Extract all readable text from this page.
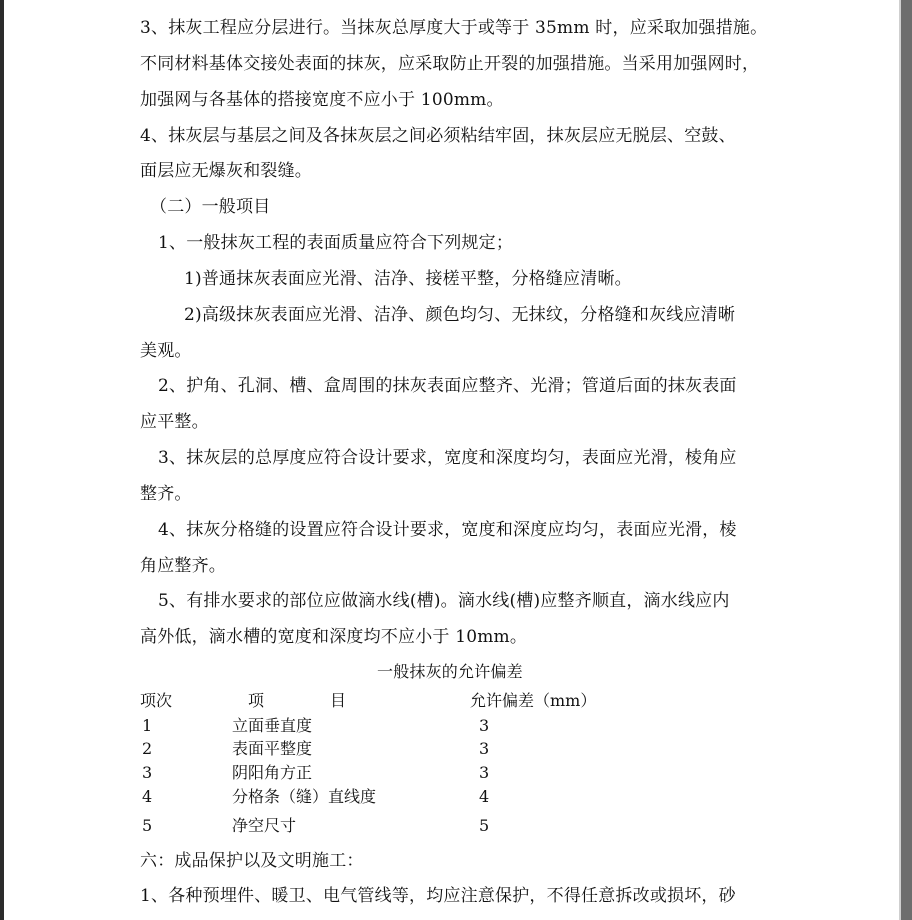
3、抹灰工程应分层进行。当抹灰总厚度大于或等于 35mm 时，应采取加强措施。
不同材料基体交接处表面的抹灰，应采取防止开裂的加强措施。当采用加强网时，
加强网与各基体的搭接宽度不应小于 100mm。
4、抹灰层与基层之间及各抹灰层之间必须粘结牢固，抹灰层应无脱层、空鼓、
面层应无爆灰和裂缝。
（二）一般项目
1、一般抹灰工程的表面质量应符合下列规定；
1)普通抹灰表面应光滑、洁净、接槎平整，分格缝应清晰。
2)高级抹灰表面应光滑、洁净、颜色均匀、无抹纹，分格缝和灰线应清晰
美观。
2、护角、孔洞、槽、盒周围的抹灰表面应整齐、光滑；管道后面的抹灰表面
应平整。
3、抹灰层的总厚度应符合设计要求，宽度和深度均匀，表面应光滑，棱角应
整齐。
4、抹灰分格缝的设置应符合设计要求，宽度和深度应均匀，表面应光滑，棱
角应整齐。
5、有排水要求的部位应做滴水线(槽)。滴水线(槽)应整齐顺直，滴水线应内
高外低，滴水槽的宽度和深度均不应小于 10mm。
一般抹灰的允许偏差
项次	项	目	允许偏差（mm）
1	立面垂直度	3
2	表面平整度	3
3	阴阳角方正	3
4	分格条（缝）直线度	4
5	净空尺寸	5
六：成品保护以及文明施工：
1、各种预埋件、暖卫、电气管线等，均应注意保护，不得任意拆改或损坏，砂
